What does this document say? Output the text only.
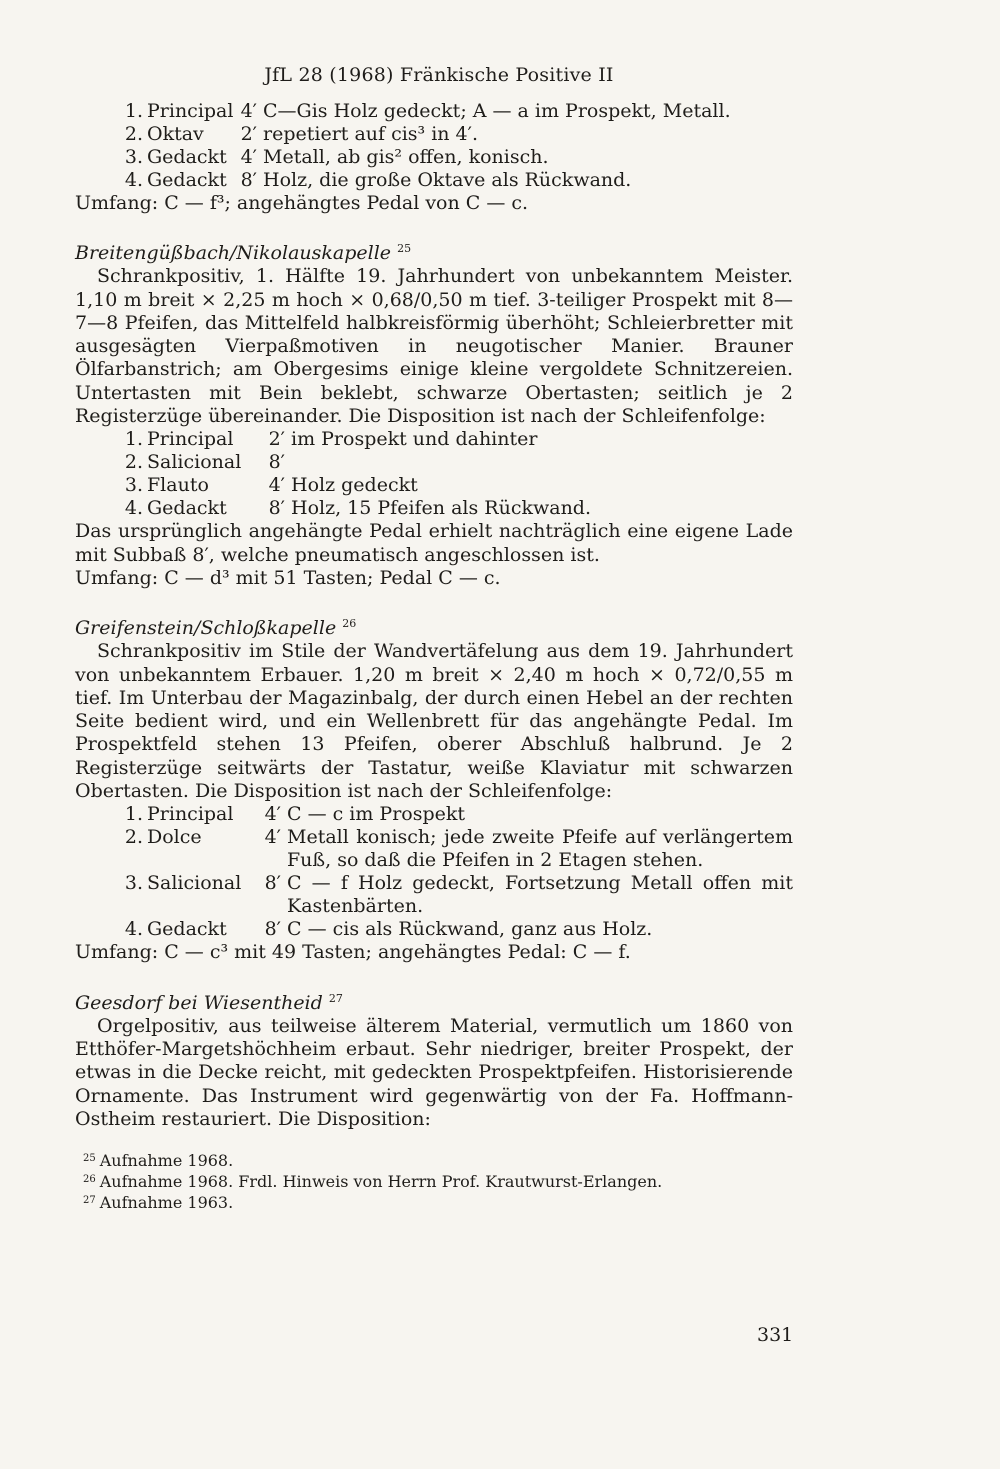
JfL 28 (1968) Fränkische Positive II
1. Principal 4′ C—Gis Holz gedeckt; A — a im Prospekt, Metall.
2. Oktav	2′ repetiert auf cis³ in 4′.
3. Gedackt 4′ Metall, ab gis² offen, konisch.
4. Gedackt 8′ Holz, die große Oktave als Rückwand.
Umfang: C — f³; angehängtes Pedal von C — c.
Breitengüßbach/Nikolauskapelle $^{25}$
Schrankpositiv, 1. Hälfte 19. Jahrhundert von unbekanntem Meister. 1,10 m breit × 2,25 m hoch × 0,68/0,50 m tief. 3-teiliger Prospekt mit 8—7—8 Pfeifen, das Mittelfeld halbkreisförmig überhöht; Schleierbretter mit ausgesägten Vierpaßmotiven in neugotischer Manier. Brauner Ölfarbanstrich; am Obergesims einige kleine vergoldete Schnitzereien. Untertasten mit Bein beklebt, schwarze Obertasten; seitlich je 2 Registerzüge übereinander. Die Disposition ist nach der Schleifenfolge:
1. Principal	2′ im Prospekt und dahinter
2. Salicional	8′
3. Flauto	4′ Holz gedeckt
4. Gedackt	8′ Holz, 15 Pfeifen als Rückwand.
Das ursprünglich angehängte Pedal erhielt nachträglich eine eigene Lade mit Subbaß 8′, welche pneumatisch angeschlossen ist.
Umfang: C — d³ mit 51 Tasten; Pedal C — c.
Greifenstein/Schloßkapelle $^{26}$
Schrankpositiv im Stile der Wandvertäfelung aus dem 19. Jahrhundert von unbekanntem Erbauer. 1,20 m breit × 2,40 m hoch × 0,72/0,55 m tief. Im Unterbau der Magazinbalg, der durch einen Hebel an der rechten Seite bedient wird, und ein Wellenbrett für das angehängte Pedal. Im Prospektfeld stehen 13 Pfeifen, oberer Abschluß halbrund. Je 2 Registerzüge seitwärts der Tastatur, weiße Klaviatur mit schwarzen Obertasten. Die Disposition ist nach der Schleifenfolge:
1. Principal	4′ C — c im Prospekt
2. Dolce	4′ Metall konisch; jede zweite Pfeife auf verlängertem Fuß, so daß die Pfeifen in 2 Etagen stehen.
3. Salicional	8′ C — f Holz gedeckt, Fortsetzung Metall offen mit Kastenbärten.
4. Gedackt	8′ C — cis als Rückwand, ganz aus Holz.
Umfang: C — c³ mit 49 Tasten; angehängtes Pedal: C — f.
Geesdorf bei Wiesentheid $^{27}$
Orgelpositiv, aus teilweise älterem Material, vermutlich um 1860 von Etthöfer-Margetshöchheim erbaut. Sehr niedriger, breiter Prospekt, der etwas in die Decke reicht, mit gedeckten Prospektpfeifen. Historisierende Ornamente. Das Instrument wird gegenwärtig von der Fa. Hoffmann-Ostheim restauriert. Die Disposition:
$^{25}$ Aufnahme 1968.
$^{26}$ Aufnahme 1968. Frdl. Hinweis von Herrn Prof. Krautwurst-Erlangen.
$^{27}$ Aufnahme 1963.
331
